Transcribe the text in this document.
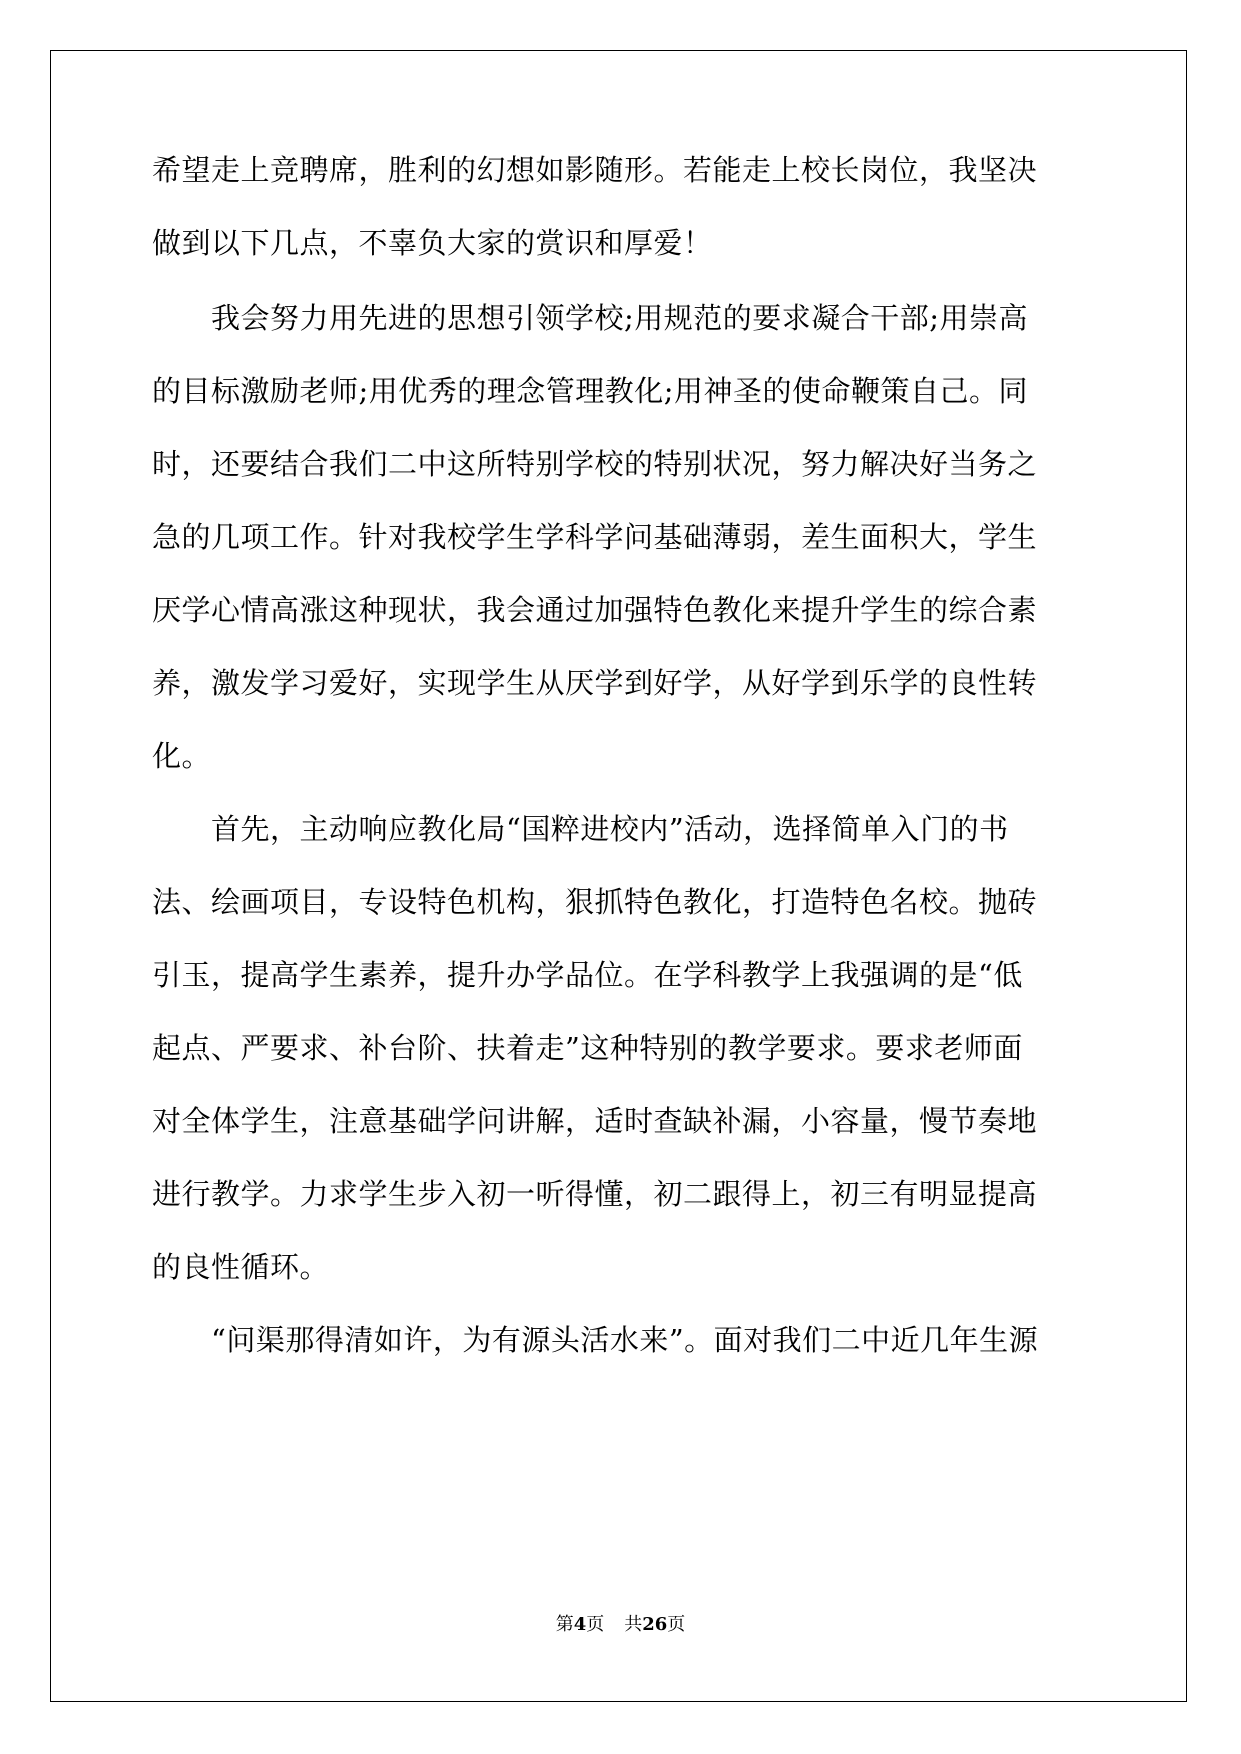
希望走上竞聘席，胜利的幻想如影随形。若能走上校长岗位，我坚决
做到以下几点，不辜负大家的赏识和厚爱！
　　我会努力用先进的思想引领学校;用规范的要求凝合干部;用崇高
的目标激励老师;用优秀的理念管理教化;用神圣的使命鞭策自己。同
时，还要结合我们二中这所特别学校的特别状况，努力解决好当务之
急的几项工作。针对我校学生学科学问基础薄弱，差生面积大，学生
厌学心情高涨这种现状，我会通过加强特色教化来提升学生的综合素
养，激发学习爱好，实现学生从厌学到好学，从好学到乐学的良性转
化。
　　首先，主动响应教化局“国粹进校内”活动，选择简单入门的书
法、绘画项目，专设特色机构，狠抓特色教化，打造特色名校。抛砖
引玉，提高学生素养，提升办学品位。在学科教学上我强调的是“低
起点、严要求、补台阶、扶着走”这种特别的教学要求。要求老师面
对全体学生，注意基础学问讲解，适时查缺补漏，小容量，慢节奏地
进行教学。力求学生步入初一听得懂，初二跟得上，初三有明显提高
的良性循环。
　　“问渠那得清如许，为有源头活水来”。面对我们二中近几年生源
第4页 共26页
